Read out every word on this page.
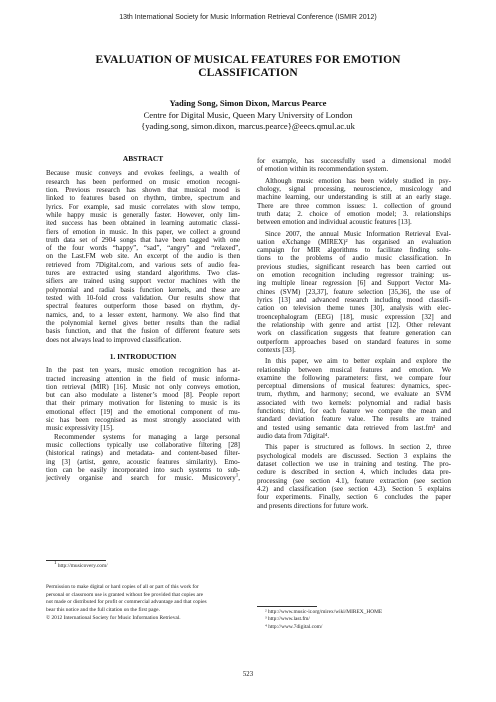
13th International Society for Music Information Retrieval Conference (ISMIR 2012)
EVALUATION OF MUSICAL FEATURES FOR EMOTION
CLASSIFICATION
Yading Song, Simon Dixon, Marcus Pearce
Centre for Digital Music, Queen Mary University of London
{yading.song, simon.dixon, marcus.pearce}@eecs.qmul.ac.uk
ABSTRACT
Because music conveys and evokes feelings, a wealth of
research has been performed on music emotion recogni-
tion. Previous research has shown that musical mood is
linked to features based on rhythm, timbre, spectrum and
lyrics. For example, sad music correlates with slow tempo,
while happy music is generally faster. However, only lim-
ited success has been obtained in learning automatic classi-
fiers of emotion in music. In this paper, we collect a ground
truth data set of 2904 songs that have been tagged with one
of the four words “happy”, “sad”, “angry” and “relaxed”,
on the Last.FM web site. An excerpt of the audio is then
retrieved from 7Digital.com, and various sets of audio fea-
tures are extracted using standard algorithms. Two clas-
sifiers are trained using support vector machines with the
polynomial and radial basis function kernels, and these are
tested with 10-fold cross validation. Our results show that
spectral features outperform those based on rhythm, dy-
namics, and, to a lesser extent, harmony. We also find that
the polynomial kernel gives better results than the radial
basis function, and that the fusion of different feature sets
does not always lead to improved classification.
1. INTRODUCTION
In the past ten years, music emotion recognition has at-
tracted increasing attention in the field of music informa-
tion retrieval (MIR) [16]. Music not only conveys emotion,
but can also modulate a listener’s mood [8]. People report
that their primary motivation for listening to music is its
emotional effect [19] and the emotional component of mu-
sic has been recognised as most strongly associated with
music expressivity [15].
Recommender systems for managing a large personal
music collections typically use collaborative filtering [28]
(historical ratings) and metadata- and content-based filter-
ing [3] (artist, genre, acoustic features similarity). Emo-
tion can be easily incorporated into such systems to sub-
jectively organise and search for music. Musicovery$^1$,
$^1$ http://musicovery.com/
Permission to make digital or hard copies of all or part of this work for
personal or classroom use is granted without fee provided that copies are
not made or distributed for profit or commercial advantage and that copies
bear this notice and the full citation on the first page.
© 2012 International Society for Music Information Retrieval.
for example, has successfully used a dimensional model
of emotion within its recommendation system.
Although music emotion has been widely studied in psy-
chology, signal processing, neuroscience, musicology and
machine learning, our understanding is still at an early stage.
There are three common issues: 1. collection of ground
truth data; 2. choice of emotion model; 3. relationships
between emotion and individual acoustic features [13].
Since 2007, the annual Music Information Retrieval Eval-
uation eXchange (MIREX)² has organised an evaluation
campaign for MIR algorithms to facilitate finding solu-
tions to the problems of audio music classification. In
previous studies, significant research has been carried out
on emotion recognition including regressor training: us-
ing multiple linear regression [6] and Support Vector Ma-
chines (SVM) [23,37], feature selection [35,36], the use of
lyrics [13] and advanced research including mood classifi-
cation on television theme tunes [30], analysis with elec-
troencephalogram (EEG) [18], music expression [32] and
the relationship with genre and artist [12]. Other relevant
work on classification suggests that feature generation can
outperform approaches based on standard features in some
contexts [33].
In this paper, we aim to better explain and explore the
relationship between musical features and emotion. We
examine the following parameters: first, we compare four
perceptual dimensions of musical features: dynamics, spec-
trum, rhythm, and harmony; second, we evaluate an SVM
associated with two kernels: polynomial and radial basis
functions; third, for each feature we compare the mean and
standard deviation feature value. The results are trained
and tested using semantic data retrieved from last.fm³ and
audio data from 7digital⁴.
This paper is structured as follows. In section 2, three
psychological models are discussed. Section 3 explains the
dataset collection we use in training and testing. The pro-
cedure is described in section 4, which includes data pre-
processing (see section 4.1), feature extraction (see section
4.2) and classification (see section 4.3). Section 5 explains
four experiments. Finally, section 6 concludes the paper
and presents directions for future work.
² http://www.music-ir.org/mirex/wiki/MIREX_HOME
³ http://www.last.fm/
⁴ http://www.7digital.com/
523
